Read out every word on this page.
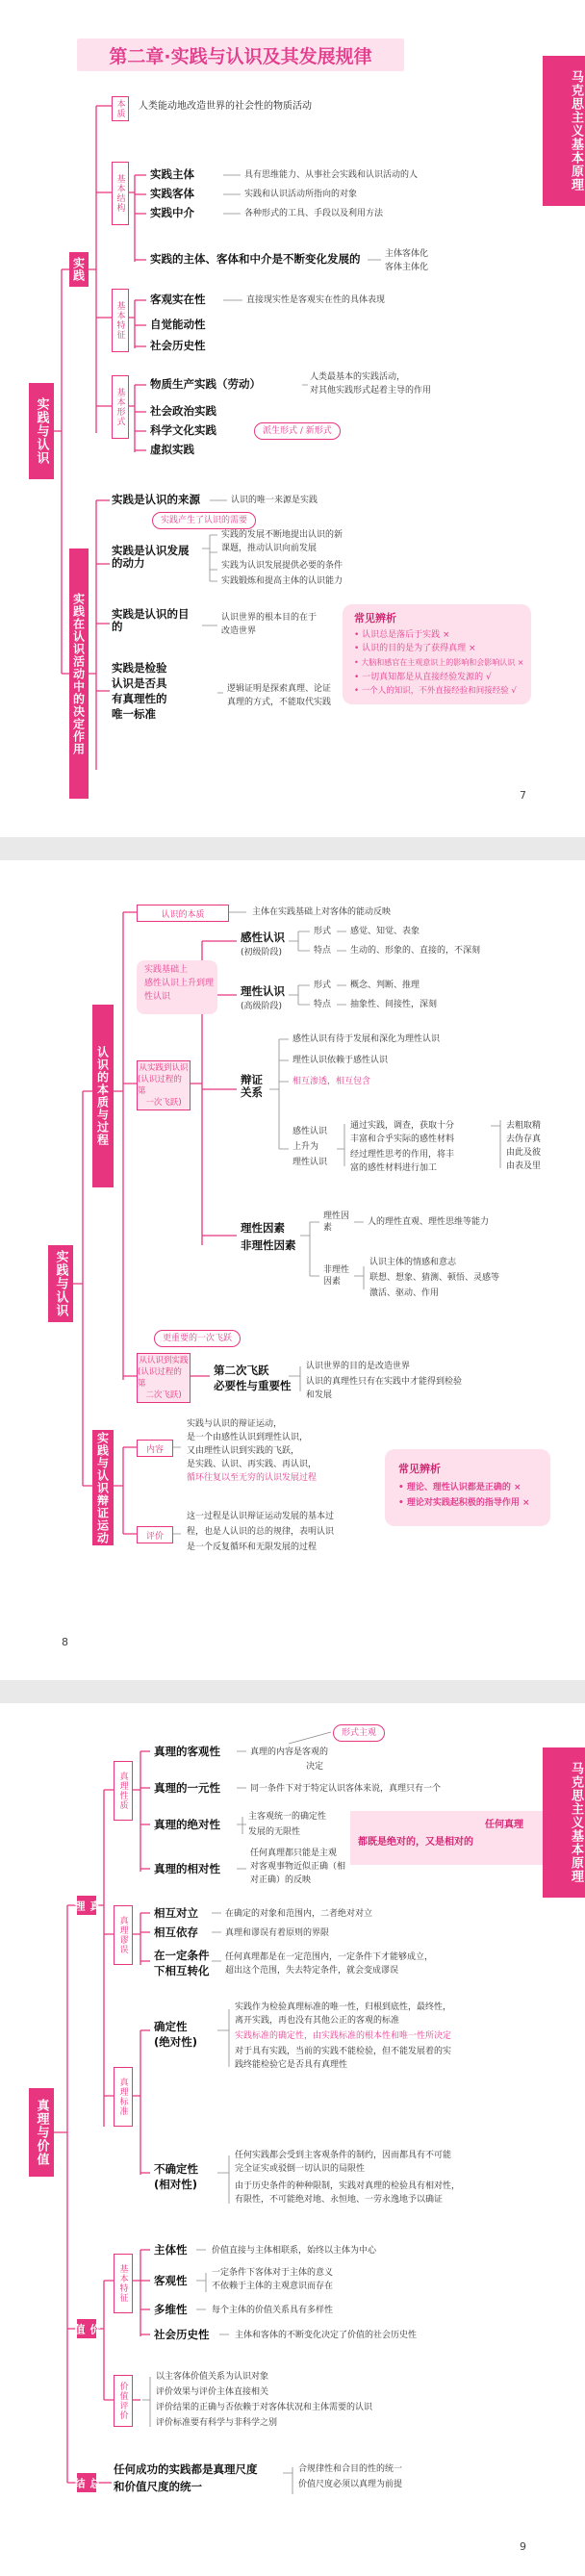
第二章·实践与认识及其发展规律
马克思主义基本原理
实践与认识
实践
实践在认识活动中的决定作用
本质 人类能动地改造世界的社会性的物质活动
基本结构 实践主体	具有思维能力、从事社会实践和认识活动的人
实践客体	实践和认识活动所指向的对象
实践中介	各种形式的工具、手段以及利用方法
实践的主体、客体和中介是不断变化发展的	主体客体化
客体主体化
基本特征
客观实在性	直接现实性是客观实在性的具体表现
自觉能动性
社会历史性
基本形式
物质生产实践（劳动）	人类最基本的实践活动，
对其他实践形式起着主导的作用
社会政治实践
科学文化实践	派生形式 / 新形式
虚拟实践
实践是认识的来源	认识的唯一来源是实践
实践产生了认识的需要
实践是认识发展的动力
实践的发展不断地提出认识的新
课题，推动认识向前发展
实践为认识发展提供必要的条件
实践锻炼和提高主体的认识能力
实践是认识的目的
认识世界的根本目的在于
改造世界
实践是检验
认识是否具
有真理性的
唯一标准
逻辑证明是探索真理、论证
真理的方式，不能取代实践
常见辨析
• 认识总是落后于实践 ×
• 认识的目的是为了获得真理 ×
• 大脑和感官在主观意识上的影响和会影响认识 ×
• 一切真知都是从直接经验发源的 √
• 一个人的知识，不外直接经验和间接经验 √
7
实践与认识
认识的本质与过程
实践与认识辩证运动
认识的本质	主体在实践基础上对客体的能动反映
实践基础上
感性认识上升到理
性认识
从实践到认识
(认识过程的第
一次飞跃)
感性认识
(初级阶段)
形式
特点
感觉、知觉、表象
生动的、形象的、直接的，不深刻
理性认识
(高级阶段)
形式
特点
概念、判断、推理
抽象性、间接性，深刻
辩证关系
感性认识有待于发展和深化为理性认识
理性认识依赖于感性认识
相互渗透，相互包含
感性认识
上升为
理性认识
通过实践，调查，获取十分
丰富和合乎实际的感性材料
经过理性思考的作用，将丰
富的感性材料进行加工
去粗取精
去伪存真
由此及彼
由表及里
理性因素
非理性因素
理性因素
人的理性直观、理性思维等能力
非理性因素
认识主体的情感和意志
联想、想象、猜测、顿悟、灵感等
激活、驱动、作用
更重要的一次飞跃
从认识到实践
(认识过程的第
二次飞跃)
第二次飞跃
必要性与重要性
认识世界的目的是改造世界
认识的真理性只有在实践中才能得到检验
和发展
内容
实践与认识的辩证运动，
是一个由感性认识到理性认识，
又由理性认识到实践的飞跃，
是实践、认识、再实践、再认识，
循环往复以至无穷的认识发展过程
评价
这一过程是认识辩证运动发展的基本过
程，也是人认识的总的规律，表明认识
是一个反复循环和无限发展的过程
常见辨析
• 理论、理性认识都是正确的 ×
• 理论对实践起积极的指导作用 ×
8
马克思主义基本原理
真理与价值
真理
价值
总结
真理性质
真理的客观性	真理的内容是客观的
形式主观
决定
真理的一元性	同一条件下对于特定认识客体来说，真理只有一个
真理的绝对性
主客观统一的确定性
发展的无限性
真理的相对性
任何真理都只能是主观
对客观事物近似正确（相
对正确）的反映
任何真理
都既是绝对的，又是相对的
真理谬误
相互对立	在确定的对象和范围内，二者绝对对立
相互依存	真理和谬误有着原则的界限
在一定条件
下相互转化
任何真理都是在一定范围内，一定条件下才能够成立，
超出这个范围，失去特定条件，就会变成谬误
真理标准
确定性
(绝对性)
实践作为检验真理标准的唯一性，归根到底性，最终性，
离开实践，再也没有其他公正的客观的标准
实践标准的确定性，由实践标准的根本性和唯一性所决定
对于具有实践，当前的实践不能检验，但不能发展着的实
践终能检验它是否具有真理性
不确定性
(相对性)
任何实践都会受到主客观条件的制约，因而都具有不可能
完全证实或驳倒一切认识的局限性
由于历史条件的种种限制，实践对真理的检验具有相对性，
有限性，不可能绝对地、永恒地、一劳永逸地予以确证
基本特征
主体性	价值直接与主体相联系，始终以主体为中心
客观性
一定条件下客体对于主体的意义
不依赖于主体的主观意识而存在
多维性	每个主体的价值关系具有多样性
社会历史性	主体和客体的不断变化决定了价值的社会历史性
价值评价
以主客体价值关系为认识对象
评价效果与评价主体直接相关
评价结果的正确与否依赖于对客体状况和主体需要的认识
评价标准要有科学与非科学之别
任何成功的实践都是真理尺度
和价值尺度的统一
合规律性和合目的性的统一
价值尺度必须以真理为前提
9
